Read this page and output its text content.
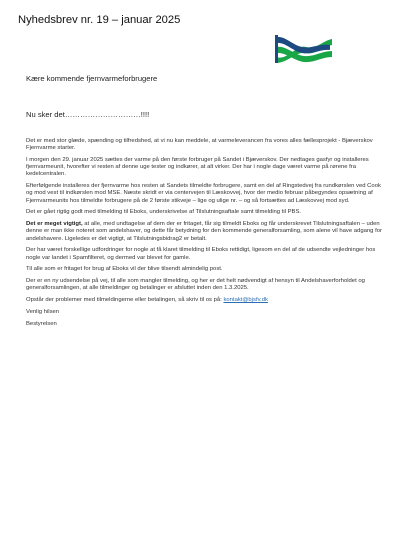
Nyhedsbrev nr. 19 – januar 2025
Kære kommende fjernvarmeforbrugere
Nu sker det…………………………!!!!

Det er med stor glæde, spænding og tilfredshed, at vi nu kan meddele, at varmeleverancen fra vores alles fællesprojekt - Bjæverskov Fjernvarme starter.

I morgen den 29. januar 2025 sættes der varme på den første forbruger på Sandet i Bjæverskov. Der nedtages gasfyr og installeres fjernvarmeunit, hvorefter vi resten af denne uge tester og indkører, at alt virker. Der har i nogle dage været varme på rørene fra kedelcentralen.

Efterfølgende installeres der fjernvarme hos resten at Sandets tilmeldte forbrugere, samt en del af Ringstedvej fra rundkørslen ved Cook og mod vest til indkørslen mod MSE. Næste skridt er via centervejen til Læskovvej, hvor der medio februar påbegyndes opsætning af Fjernvarmeunits hos tilmeldte forbrugere på de 2 første stikveje – lige og ulige nr. – og så fortsættes ad Læskovvej mod syd.

Det er gået rigtig godt med tilmelding til Eboks, underskrivelse af Tilslutningsaftale samt tilmelding til PBS.

Det er meget vigtigt, at alle, med undtagelse af dem der er fritaget, får sig tilmeldt Eboks og får underskrevet Tilslutningsaftalen – uden denne er man ikke noteret som andelshaver, og dette får betydning for den kommende generalforsamling, som alene vil have adgang for andelshavere. Ligeledes er det vigtigt, at Tilslutningsbidrag2 er betalt.

Der har været forskellige udfordringer for nogle at få klaret tilmelding til Eboks rettidigt, ligesom en del af de udsendte vejledninger hos nogle var landet i Spamfilteret, og dermed var blevet for gamle.

Til alle som er fritaget for brug af Eboks vil der blive tilsendt almindelig post.

Der er en ny udsendelse på vej, til alle som mangler tilmelding, og her er det helt nødvendigt af hensyn til Andelshaverforholdet og generalforsamlingen, at alle tilmeldinger og betalinger er afsluttet inden den 1.3.2025.

Opstår der problemer med tilmeldingerne eller betalingen, så skriv til os på: kontakt@bjsfv.dk

Venlig hilsen

Bestyrelsen
